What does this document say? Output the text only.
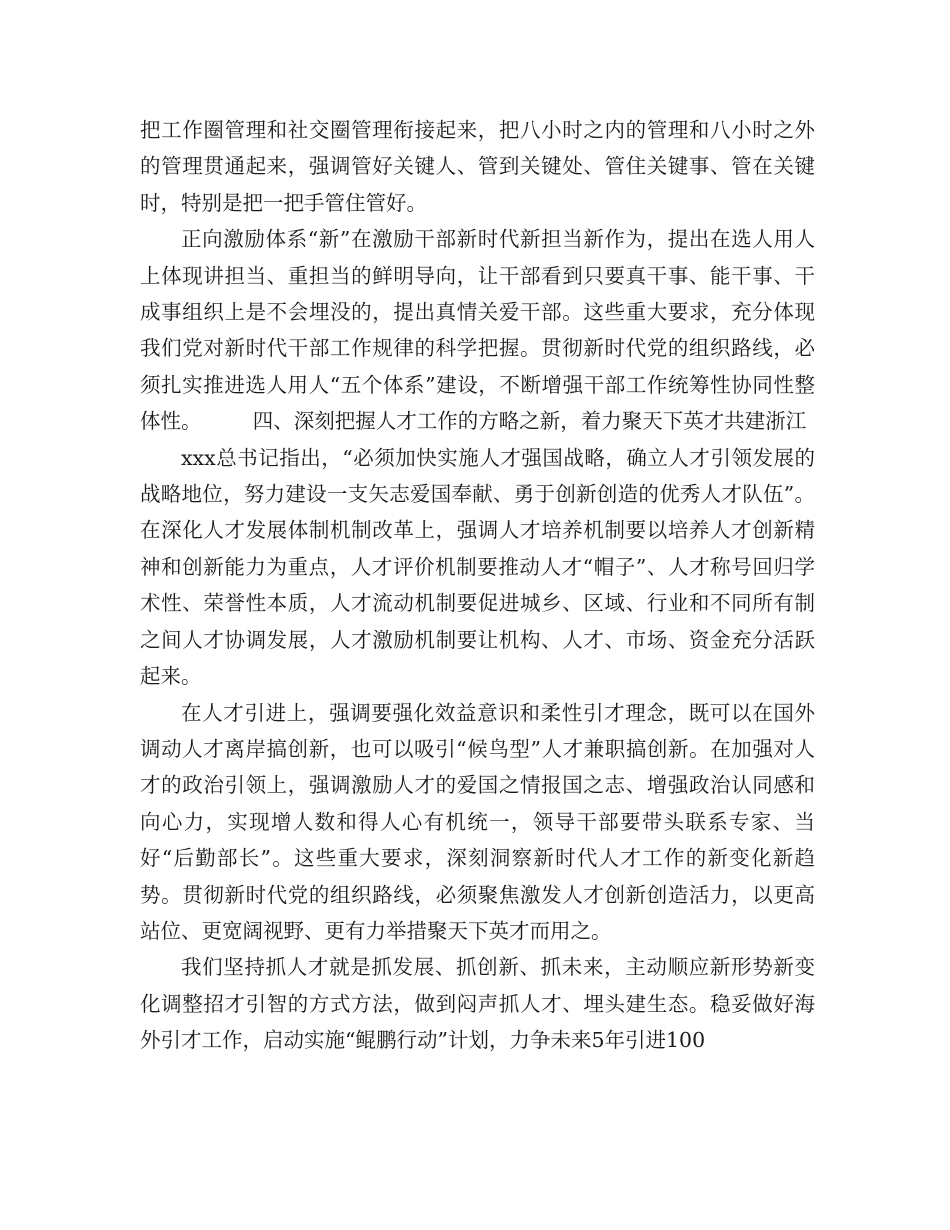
把工作圈管理和社交圈管理衔接起来，把八小时之内的管理和八小时之外的管理贯通起来，强调管好关键人、管到关键处、管住关键事、管在关键时，特别是把一把手管住管好。

正向激励体系“新”在激励干部新时代新担当新作为，提出在选人用人上体现讲担当、重担当的鲜明导向，让干部看到只要真干事、能干事、干成事组织上是不会埋没的，提出真情关爱干部。这些重大要求，充分体现我们党对新时代干部工作规律的科学把握。贯彻新时代党的组织路线，必须扎实推进选人用人“五个体系”建设，不断增强干部工作统筹性协同性整体性。　　　四、深刻把握人才工作的方略之新，着力聚天下英才共建浙江

xxx总书记指出，“必须加快实施人才强国战略，确立人才引领发展的战略地位，努力建设一支矢志爱国奉献、勇于创新创造的优秀人才队伍”。在深化人才发展体制机制改革上，强调人才培养机制要以培养人才创新精神和创新能力为重点，人才评价机制要推动人才“帽子”、人才称号回归学术性、荣誉性本质，人才流动机制要促进城乡、区域、行业和不同所有制之间人才协调发展，人才激励机制要让机构、人才、市场、资金充分活跃起来。

在人才引进上，强调要强化效益意识和柔性引才理念，既可以在国外调动人才离岸搞创新，也可以吸引“候鸟型”人才兼职搞创新。在加强对人才的政治引领上，强调激励人才的爱国之情报国之志、增强政治认同感和向心力，实现增人数和得人心有机统一，领导干部要带头联系专家、当好“后勤部长”。这些重大要求，深刻洞察新时代人才工作的新变化新趋势。贯彻新时代党的组织路线，必须聚焦激发人才创新创造活力，以更高站位、更宽阔视野、更有力举措聚天下英才而用之。

我们坚持抓人才就是抓发展、抓创新、抓未来，主动顺应新形势新变化调整招才引智的方式方法，做到闷声抓人才、埋头建生态。稳妥做好海外引才工作，启动实施“鲲鹏行动”计划，力争未来5年引进100
